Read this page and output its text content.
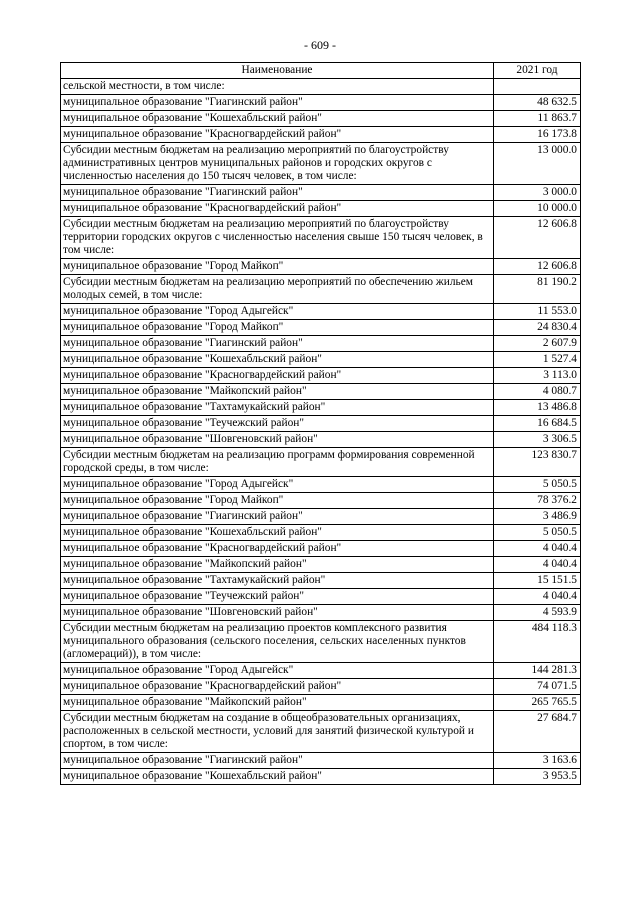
- 609 -
Наименование	2021 год
сельской местности, в том числе:	
муниципальное образование "Гиагинский район"	48 632.5
муниципальное образование "Кошехабльский район"	11 863.7
муниципальное образование "Красногвардейский район"	16 173.8
Субсидии местным бюджетам на реализацию мероприятий по благоустройству административных центров муниципальных районов и городских округов с численностью населения до 150 тысяч человек, в том числе:	13 000.0
муниципальное образование "Гиагинский район"	3 000.0
муниципальное образование "Красногвардейский район"	10 000.0
Субсидии местным бюджетам на реализацию мероприятий по благоустройству территории городских округов с численностью населения свыше 150 тысяч человек, в том числе:	12 606.8
муниципальное образование "Город Майкоп"	12 606.8
Субсидии местным бюджетам на реализацию мероприятий по обеспечению жильем молодых семей, в том числе:	81 190.2
муниципальное образование "Город Адыгейск"	11 553.0
муниципальное образование "Город Майкоп"	24 830.4
муниципальное образование "Гиагинский район"	2 607.9
муниципальное образование "Кошехабльский район"	1 527.4
муниципальное образование "Красногвардейский район"	3 113.0
муниципальное образование "Майкопский район"	4 080.7
муниципальное образование "Тахтамукайский район"	13 486.8
муниципальное образование "Теучежский район"	16 684.5
муниципальное образование "Шовгеновский район"	3 306.5
Субсидии местным бюджетам на реализацию программ формирования современной городской среды, в том числе:	123 830.7
муниципальное образование "Город Адыгейск"	5 050.5
муниципальное образование "Город Майкоп"	78 376.2
муниципальное образование "Гиагинский район"	3 486.9
муниципальное образование "Кошехабльский район"	5 050.5
муниципальное образование "Красногвардейский район"	4 040.4
муниципальное образование "Майкопский район"	4 040.4
муниципальное образование "Тахтамукайский район"	15 151.5
муниципальное образование "Теучежский район"	4 040.4
муниципальное образование "Шовгеновский район"	4 593.9
Субсидии местным бюджетам на реализацию проектов комплексного развития муниципального образования (сельского поселения, сельских населенных пунктов (агломераций)), в том числе:	484 118.3
муниципальное образование "Город Адыгейск"	144 281.3
муниципальное образование "Красногвардейский район"	74 071.5
муниципальное образование "Майкопский район"	265 765.5
Субсидии местным бюджетам на создание в общеобразовательных организациях, расположенных в сельской местности, условий для занятий физической культурой и спортом, в том числе:	27 684.7
муниципальное образование "Гиагинский район"	3 163.6
муниципальное образование "Кошехабльский район"	3 953.5
